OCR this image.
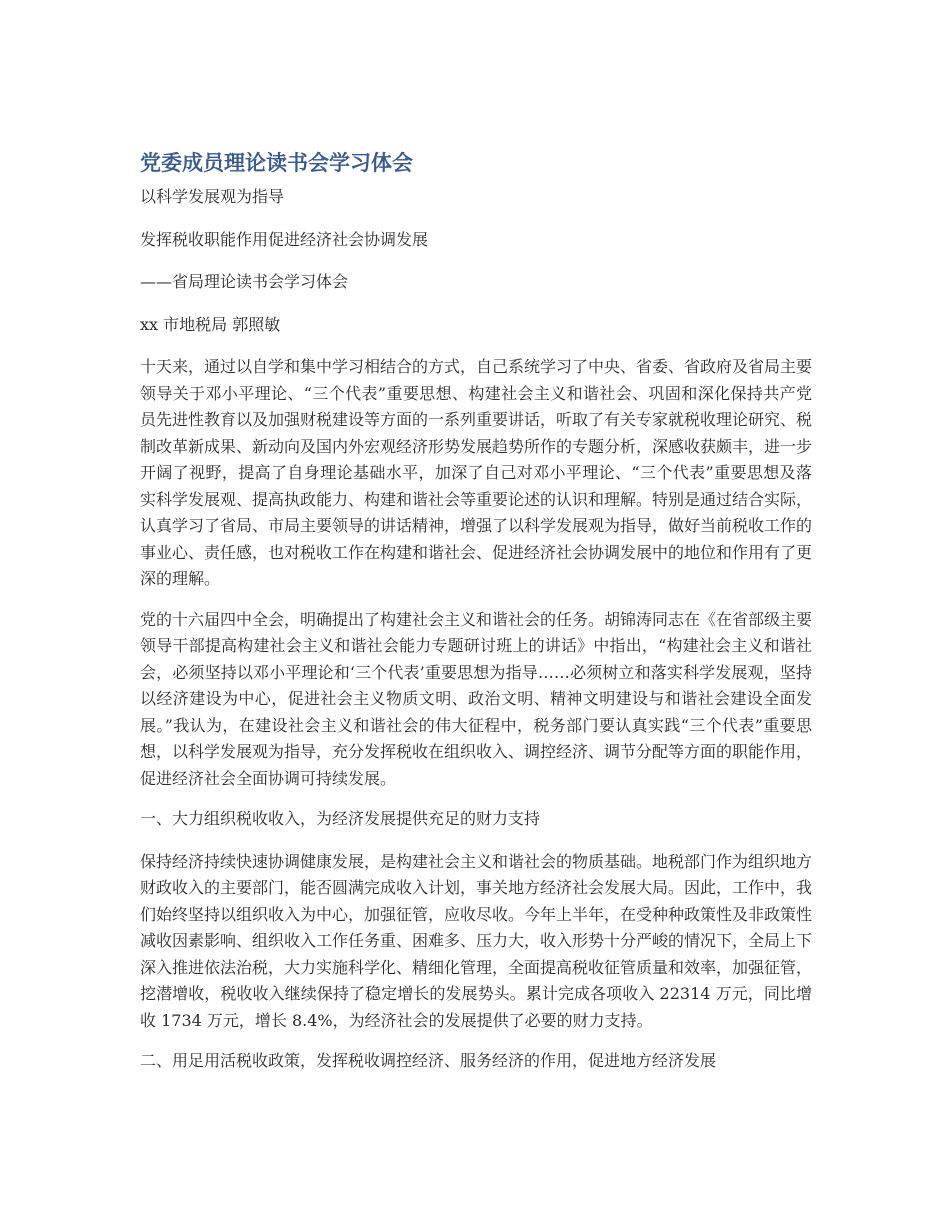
党委成员理论读书会学习体会

以科学发展观为指导

发挥税收职能作用促进经济社会协调发展

——省局理论读书会学习体会

xx 市地税局 郭照敏

十天来，通过以自学和集中学习相结合的方式，自己系统学习了中央、省委、省政府及省局主要领导关于邓小平理论、“三个代表”重要思想、构建社会主义和谐社会、巩固和深化保持共产党员先进性教育以及加强财税建设等方面的一系列重要讲话，听取了有关专家就税收理论研究、税制改革新成果、新动向及国内外宏观经济形势发展趋势所作的专题分析，深感收获颇丰，进一步开阔了视野，提高了自身理论基础水平，加深了自己对邓小平理论、“三个代表”重要思想及落实科学发展观、提高执政能力、构建和谐社会等重要论述的认识和理解。特别是通过结合实际，认真学习了省局、市局主要领导的讲话精神，增强了以科学发展观为指导，做好当前税收工作的事业心、责任感，也对税收工作在构建和谐社会、促进经济社会协调发展中的地位和作用有了更深的理解。

党的十六届四中全会，明确提出了构建社会主义和谐社会的任务。胡锦涛同志在《在省部级主要领导干部提高构建社会主义和谐社会能力专题研讨班上的讲话》中指出，“构建社会主义和谐社会，必须坚持以邓小平理论和‘三个代表’重要思想为指导……必须树立和落实科学发展观，坚持以经济建设为中心，促进社会主义物质文明、政治文明、精神文明建设与和谐社会建设全面发展。”我认为，在建设社会主义和谐社会的伟大征程中，税务部门要认真实践“三个代表”重要思想，以科学发展观为指导，充分发挥税收在组织收入、调控经济、调节分配等方面的职能作用，促进经济社会全面协调可持续发展。

一、大力组织税收收入，为经济发展提供充足的财力支持

保持经济持续快速协调健康发展，是构建社会主义和谐社会的物质基础。地税部门作为组织地方财政收入的主要部门，能否圆满完成收入计划，事关地方经济社会发展大局。因此，工作中，我们始终坚持以组织收入为中心，加强征管，应收尽收。今年上半年，在受种种政策性及非政策性减收因素影响、组织收入工作任务重、困难多、压力大，收入形势十分严峻的情况下，全局上下深入推进依法治税，大力实施科学化、精细化管理，全面提高税收征管质量和效率，加强征管，挖潜增收，税收收入继续保持了稳定增长的发展势头。累计完成各项收入 22314 万元，同比增收 1734 万元，增长 8.4%，为经济社会的发展提供了必要的财力支持。

二、用足用活税收政策，发挥税收调控经济、服务经济的作用，促进地方经济发展
